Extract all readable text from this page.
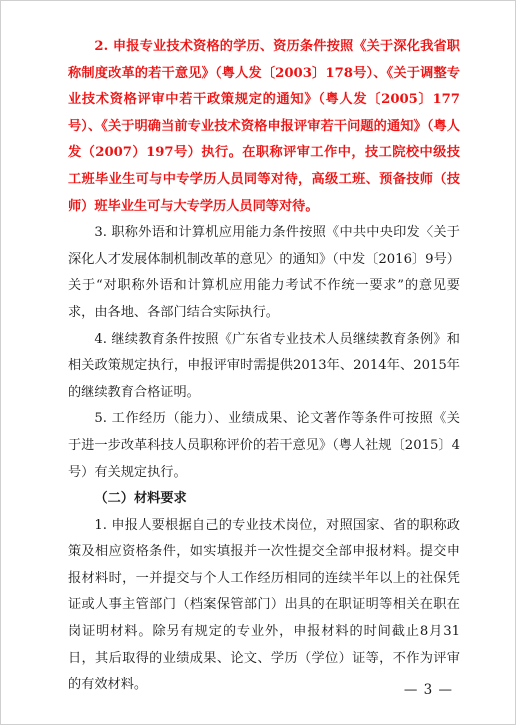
2. 申报专业技术资格的学历、资历条件按照《关于深化我省职称制度改革的若干意见》（粤人发〔2003〕178号）、《关于调整专业技术资格评审中若干政策规定的通知》（粤人发〔2005〕177号）、《关于明确当前专业技术资格申报评审若干问题的通知》（粤人发（2007）197号）执行。在职称评审工作中，技工院校中级技工班毕业生可与中专学历人员同等对待，高级工班、预备技师（技师）班毕业生可与大专学历人员同等对待。

3. 职称外语和计算机应用能力条件按照《中共中央印发〈关于深化人才发展体制机制改革的意见〉的通知》（中发〔2016〕9号）关于“对职称外语和计算机应用能力考试不作统一要求”的意见要求，由各地、各部门结合实际执行。

4. 继续教育条件按照《广东省专业技术人员继续教育条例》和相关政策规定执行，申报评审时需提供2013年、2014年、2015年的继续教育合格证明。

5. 工作经历（能力）、业绩成果、论文著作等条件可按照《关于进一步改革科技人员职称评价的若干意见》（粤人社规〔2015〕4号）有关规定执行。

（二）材料要求

1. 申报人要根据自己的专业技术岗位，对照国家、省的职称政策及相应资格条件，如实填报并一次性提交全部申报材料。提交申报材料时，一并提交与个人工作经历相同的连续半年以上的社保凭证或人事主管部门（档案保管部门）出具的在职证明等相关在职在岗证明材料。除另有规定的专业外，申报材料的时间截止8月31日，其后取得的业绩成果、论文、学历（学位）证等，不作为评审的有效材料。	— 3 —
